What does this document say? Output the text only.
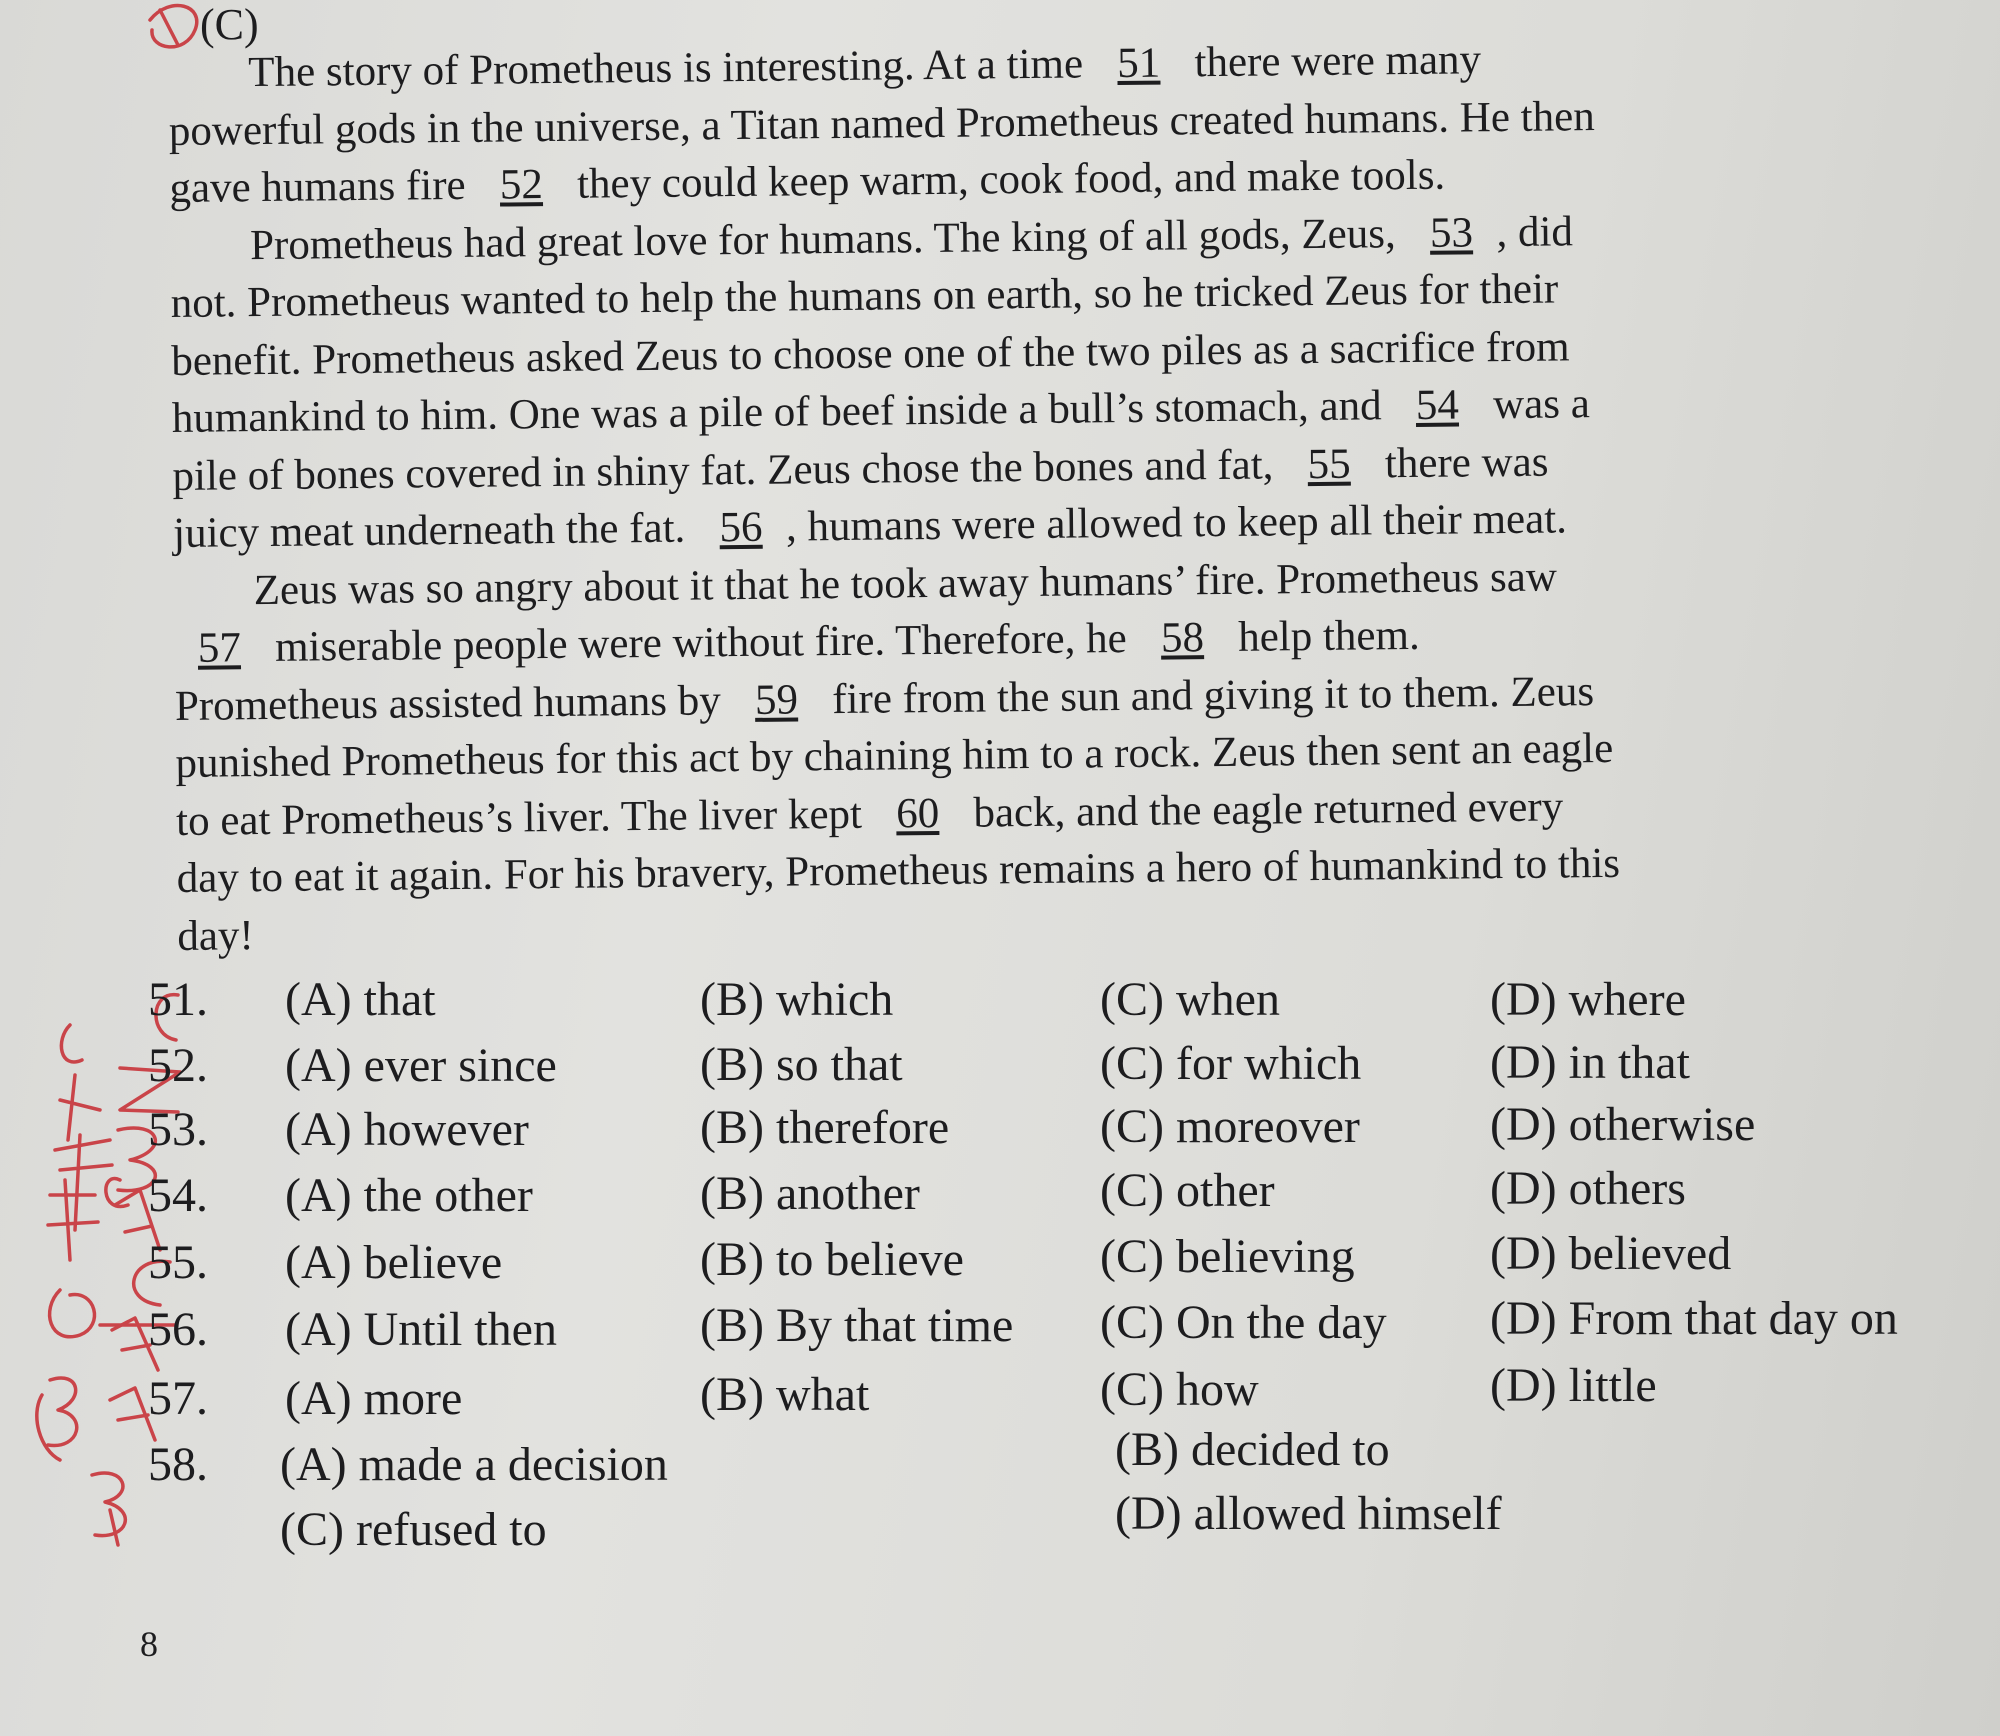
(C)
The story of Prometheus is interesting. At a time 51 there were many
powerful gods in the universe, a Titan named Prometheus created humans. He then
gave humans fire 52 they could keep warm, cook food, and make tools.
Prometheus had great love for humans. The king of all gods, Zeus, 53 , did
not. Prometheus wanted to help the humans on earth, so he tricked Zeus for their
benefit. Prometheus asked Zeus to choose one of the two piles as a sacrifice from
humankind to him. One was a pile of beef inside a bull’s stomach, and 54 was a
pile of bones covered in shiny fat. Zeus chose the bones and fat, 55 there was
juicy meat underneath the fat. 56 , humans were allowed to keep all their meat.
Zeus was so angry about it that he took away humans’ fire. Prometheus saw
57 miserable people were without fire. Therefore, he 58 help them.
Prometheus assisted humans by 59 fire from the sun and giving it to them. Zeus
punished Prometheus for this act by chaining him to a rock. Zeus then sent an eagle
to eat Prometheus’s liver. The liver kept 60 back, and the eagle returned every
day to eat it again. For his bravery, Prometheus remains a hero of humankind to this
day!
51. (A) that	(B) which	(C) when	(D) where
52. (A) ever since	(B) so that	(C) for which	(D) in that
53. (A) however	(B) therefore	(C) moreover	(D) otherwise
54. (A) the other	(B) another	(C) other	(D) others
55. (A) believe	(B) to believe	(C) believing	(D) believed
56. (A) Until then	(B) By that time (C) On the day (D) From that day on
57. (A) more	(B) what	(C) how	(D) little
58. (A) made a decision	(B) decided to
(C) refused to	(D) allowed himself
8
